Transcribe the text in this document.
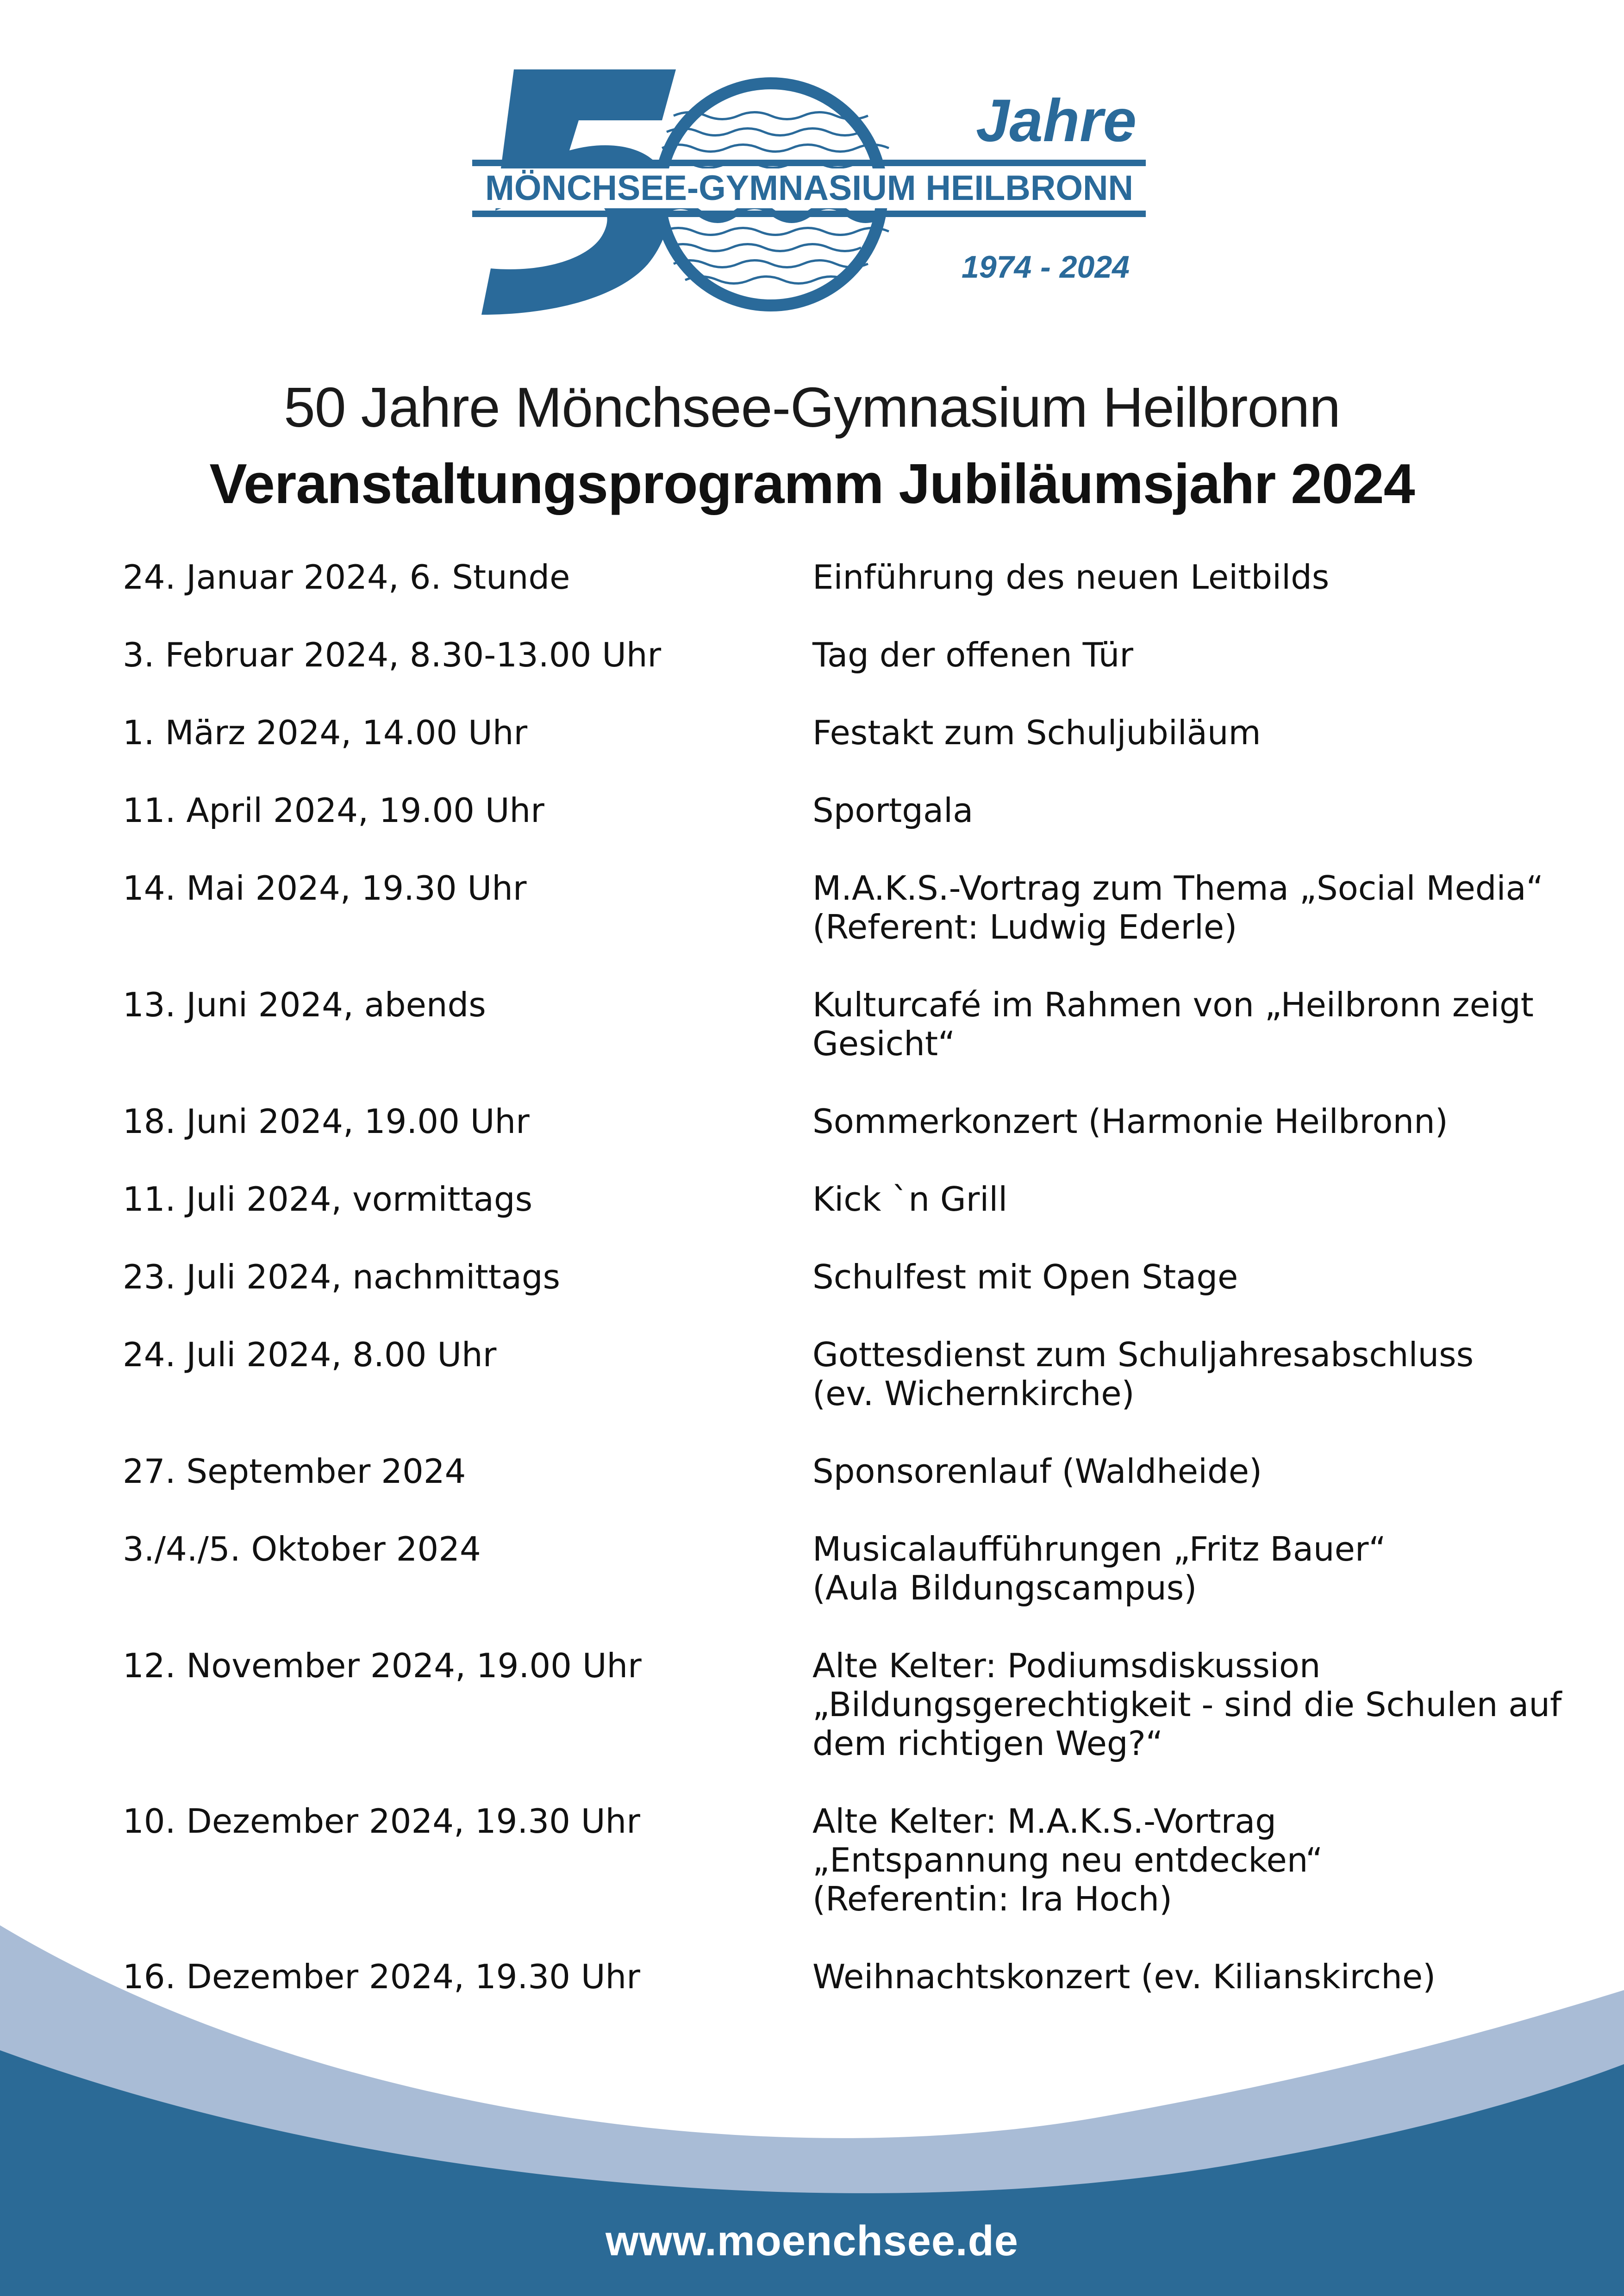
MÖNCHSEE-GYMNASIUM HEILBRONN
Jahre
1974 - 2024
50 Jahre Mönchsee-Gymnasium Heilbronn
Veranstaltungsprogramm Jubiläumsjahr 2024
24. Januar 2024, 6. Stunde	Einführung des neuen Leitbilds
3. Februar 2024, 8.30-13.00 Uhr	Tag der offenen Tür
1. März 2024, 14.00 Uhr	Festakt zum Schuljubiläum
11. April 2024, 19.00 Uhr	Sportgala
14. Mai 2024, 19.30 Uhr	M.A.K.S.-Vortrag zum Thema „Social Media“
(Referent: Ludwig Ederle)
13. Juni 2024, abends	Kulturcafé im Rahmen von „Heilbronn zeigt
Gesicht“
18. Juni 2024, 19.00 Uhr	Sommerkonzert (Harmonie Heilbronn)
11. Juli 2024, vormittags	Kick `n Grill
23. Juli 2024, nachmittags	Schulfest mit Open Stage
24. Juli 2024, 8.00 Uhr	Gottesdienst zum Schuljahresabschluss
(ev. Wichernkirche)
27. September 2024	Sponsorenlauf (Waldheide)
3./4./5. Oktober 2024	Musicalaufführungen „Fritz Bauer“
(Aula Bildungscampus)
12. November 2024, 19.00 Uhr	Alte Kelter: Podiumsdiskussion
„Bildungsgerechtigkeit - sind die Schulen auf
dem richtigen Weg?“
10. Dezember 2024, 19.30 Uhr	Alte Kelter: M.A.K.S.-Vortrag
„Entspannung neu entdecken“
(Referentin: Ira Hoch)
16. Dezember 2024, 19.30 Uhr	Weihnachtskonzert (ev. Kilianskirche)
www.moenchsee.de
